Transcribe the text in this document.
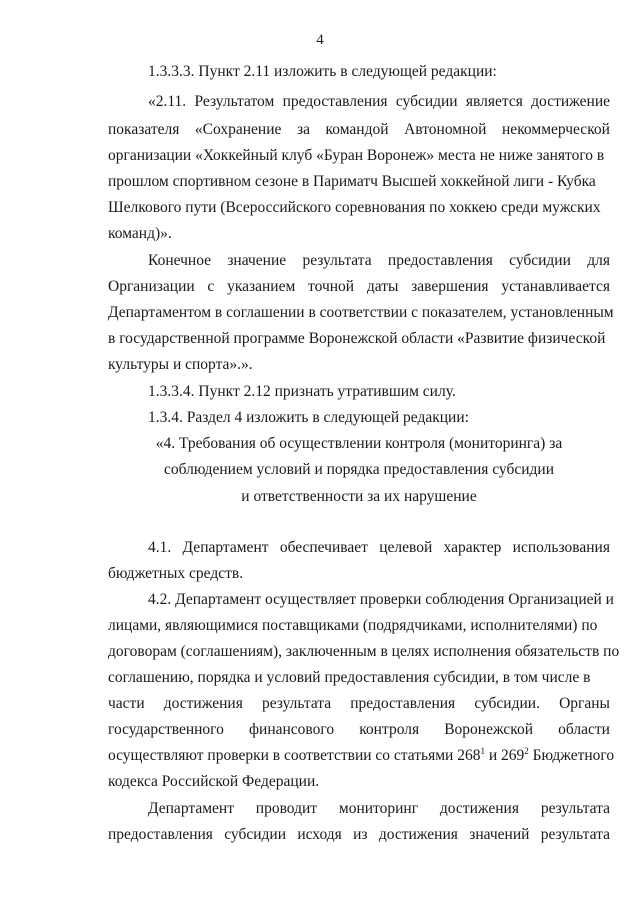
4
1.3.3.3. Пункт 2.11 изложить в следующей редакции:
«2.11. Результатом предоставления субсидии является достижение
показателя «Сохранение за командой Автономной некоммерческой
организации «Хоккейный клуб «Буран Воронеж» места не ниже занятого в
прошлом спортивном сезоне в Париматч Высшей хоккейной лиги - Кубка
Шелкового пути (Всероссийского соревнования по хоккею среди мужских
команд)».
Конечное значение результата предоставления субсидии для
Организации с указанием точной даты завершения устанавливается
Департаментом в соглашении в соответствии с показателем, установленным
в государственной программе Воронежской области «Развитие физической
культуры и спорта».».
1.3.3.4. Пункт 2.12 признать утратившим силу.
1.3.4. Раздел 4 изложить в следующей редакции:
«4. Требования об осуществлении контроля (мониторинга) за
соблюдением условий и порядка предоставления субсидии
и ответственности за их нарушение
4.1. Департамент обеспечивает целевой характер использования
бюджетных средств.
4.2. Департамент осуществляет проверки соблюдения Организацией и
лицами, являющимися поставщиками (подрядчиками, исполнителями) по
договорам (соглашениям), заключенным в целях исполнения обязательств по
соглашению, порядка и условий предоставления субсидии, в том числе в
части достижения результата предоставления субсидии. Органы
государственного финансового контроля Воронежской области
осуществляют проверки в соответствии со статьями $268^1$ и $269^2$ Бюджетного
кодекса Российской Федерации.
Департамент проводит мониторинг достижения результата
предоставления субсидии исходя из достижения значений результата
